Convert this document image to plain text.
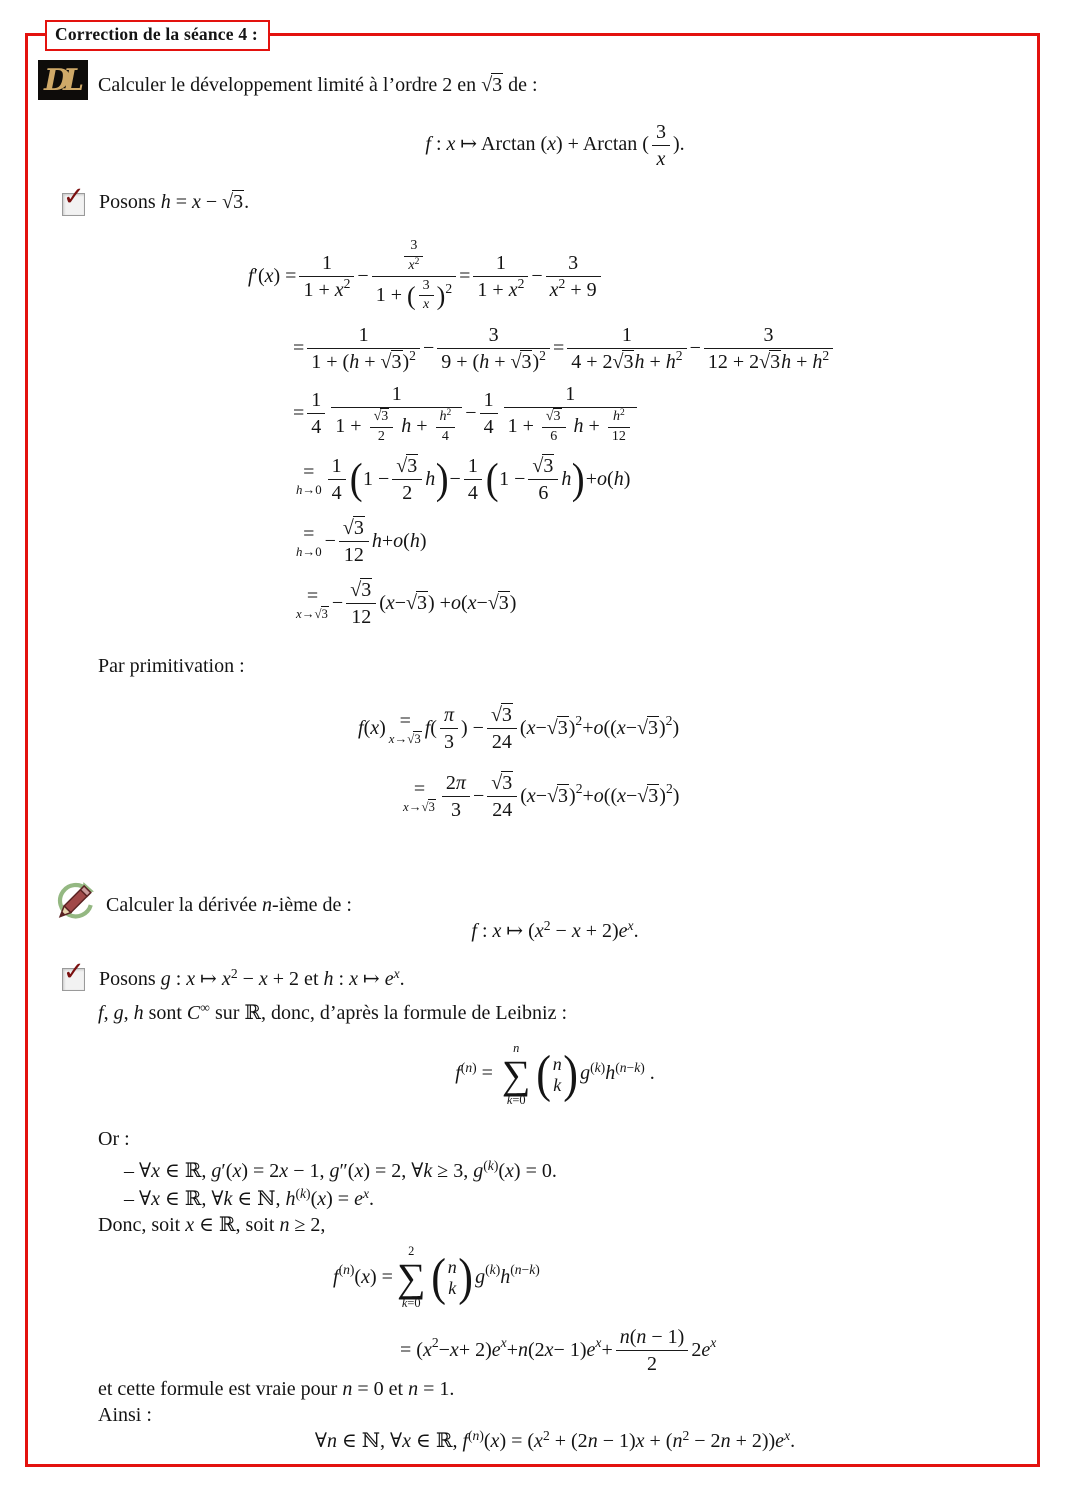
Correction de la séance 4 :
DL Calculer le développement limité à l’ordre 2 en √3 de :
f : x ↦ Arctan (x) + Arctan ( $\frac{3}{x}$ ).
✓ Posons h = x − √3.
f ′( x ) =
1
$1 + x^2$ −
$\frac{3}{x^2}$
1 + ( $\frac{3}{x} )^2$
=
1
$1 + x^2$ −
3
$x^2 + 9$
=
1
$1 + (h + √3)^2$ −
3
$9 + (h + √3)^2$ =
1
$4 + 2√3h + h^2$ −
3
$12 + 2√3h + h^2$
=
1
4
1
$1 + \frac{√3}{2}$ $h + \frac{h^2}{4}$ −
1
4
1
$1 + \frac{√3}{6}$ $h + \frac{h^2}{12}$
=
h→0
1
4 ( 1 −
√3
2
h ) −
1
4 ( 1 −
√3
6
h ) + o ( h )
=
h→0
−
√3
12
h + o ( h )
=
x→√3
−
√3
12
( x − √3 ) + o ( x − √3 )
Par primitivation :
f ( x ) =
x→√3
f (
π
3
) −
√3
24
( x − √3 )$^2$ + o (( x − √3 )$^2$ )
=
x→√3
2π
3
−
√3
24
( x − √3 )$^2$ + o (( x − √3 )$^2$ )
Calculer la dérivée n-ième de :
f : x ↦ $(x^2 - x + 2)e^x$.
✓ Posons g : x ↦ $x^2 - x + 2$ et h : x ↦ $e^x$.
f, g, h sont C∞ sur ℝ, donc, d’après la formule de Leibniz :
$f^{(n)}$ =
n
∑
k=0 ( n
k ) $g^{(k)}h^{(n-k)}$ .
Or :
– ∀x ∈ ℝ, g′(x) = 2x − 1, g″(x) = 2, ∀k ≥ 3, $g^{(k)}(x) = 0$.
– ∀x ∈ ℝ, ∀k ∈ ℕ, $h^{(k)}(x) = e^x$.
Donc, soit x ∈ ℝ, soit n ≥ 2,
$f^{(n)}$ ( x ) =
2
∑
k=0 ( n
k ) $g^{(k)}$ $h^{(n-k)}$
= ( $x^2 - x + 2$) e $^x$ + n (2 x − 1) e $^x$ +
n(n − 1)
2
2 e $^x$
et cette formule est vraie pour n = 0 et n = 1.
Ainsi :
∀n ∈ ℕ, ∀x ∈ ℝ, $f^{(n)}(x) = (x^2 + (2n - 1)x + (n^2 - 2n + 2))e^x$.
